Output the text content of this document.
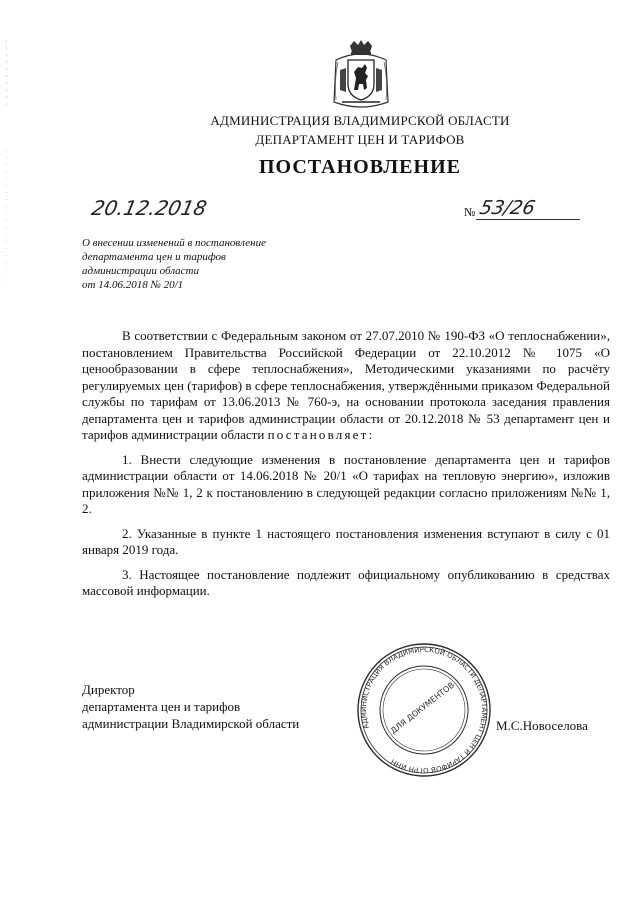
АДМИНИСТРАЦИЯ ВЛАДИМИРСКОЙ ОБЛАСТИ
ДЕПАРТАМЕНТ ЦЕН И ТАРИФОВ
ПОСТАНОВЛЕНИЕ
20.12.2018	№ 53/26
О внесении изменений в постановление
департамента цен и тарифов
администрации области
от 14.06.2018 № 20/1

В соответствии с Федеральным законом от 27.07.2010 № 190-ФЗ «О теплоснабжении», постановлением Правительства Российской Федерации от 22.10.2012 № 1075 «О ценообразовании в сфере теплоснабжения», Методическими указаниями по расчёту регулируемых цен (тарифов) в сфере теплоснабжения, утверждёнными приказом Федеральной службы по тарифам от 13.06.2013 № 760-э, на основании протокола заседания правления департамента цен и тарифов администрации области от 20.12.2018 № 53 департамент цен и тарифов администрации области постановляет:

1. Внести следующие изменения в постановление департамента цен и тарифов администрации области от 14.06.2018 № 20/1 «О тарифах на тепловую энергию», изложив приложения №№ 1, 2 к постановлению в следующей редакции согласно приложениям №№ 1, 2.

2. Указанные в пункте 1 настоящего постановления изменения вступают в силу с 01 января 2019 года.

3. Настоящее постановление подлежит официальному опубликованию в средствах массовой информации.

Директор
департамента цен и тарифов
администрации Владимирской области	АДМИНИСТРАЦИЯ ВЛАДИМИРСКОЙ ОБЛАСТИ ДЕПАРТАМЕНТ ЦЕН И ТАРИФОВ ОГРН ИНН
ДЛЯ ДОКУМЕНТОВ	М.С.Новоселова
